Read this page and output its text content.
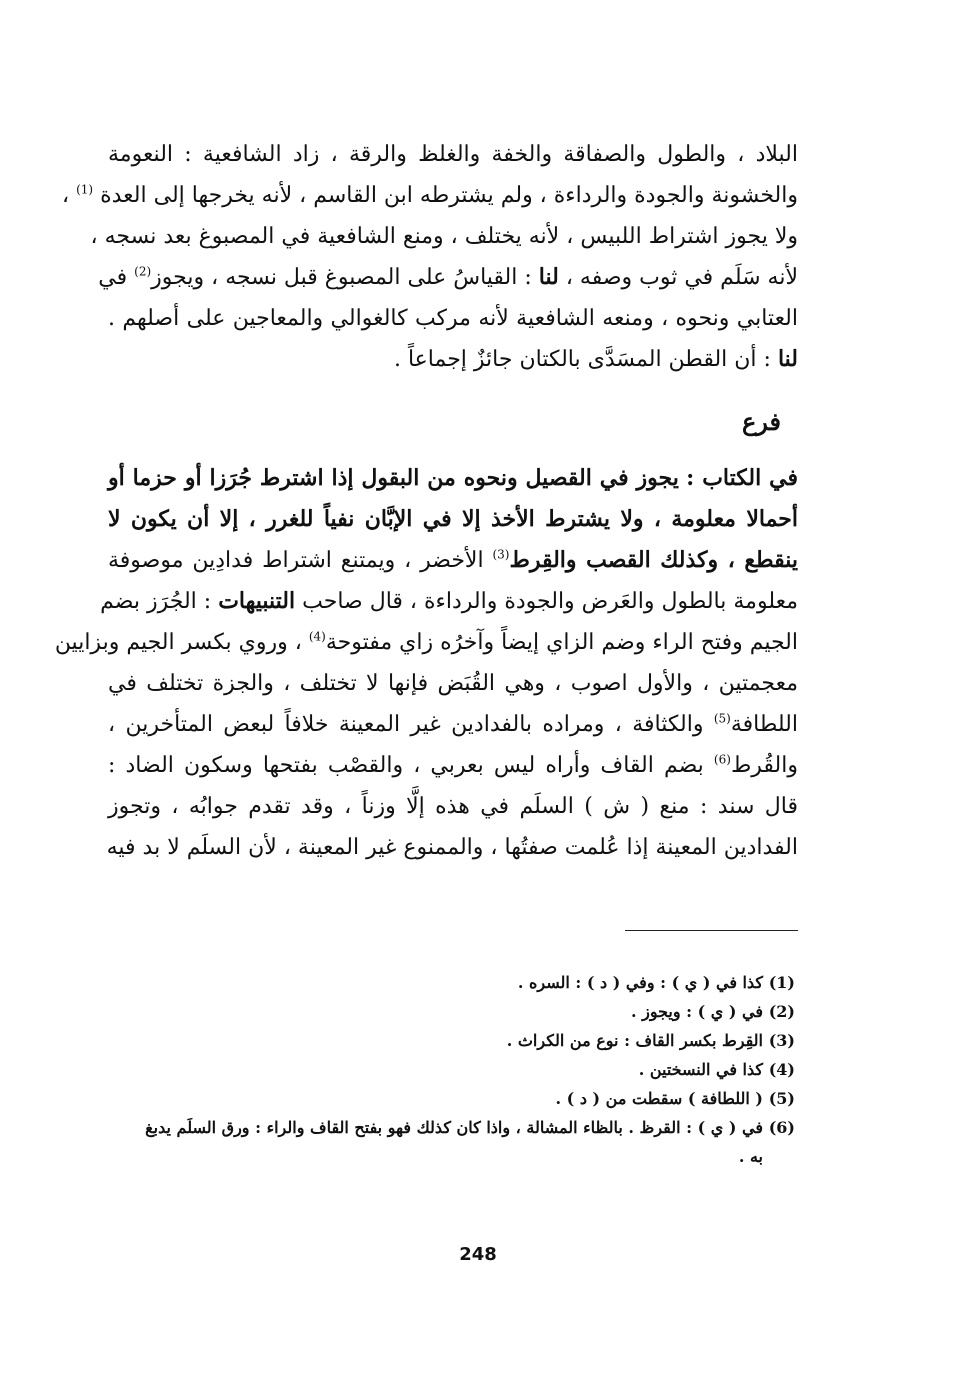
البلاد ، والطول والصفاقة والخفة والغلظ والرقة ، زاد الشافعية : النعومة
والخشونة والجودة والرداءة ، ولم يشترطه ابن القاسم ، لأنه يخرجها إلى العدة $^{(1)}$ ،
ولا يجوز اشتراط اللبيس ، لأنه يختلف ، ومنع الشافعية في المصبوغ بعد نسجه ،
لأنه سَلَم في ثوب وصفه ، لنا : القياسُ على المصبوغ قبل نسجه ، ويجوز$^{(2)}$ في
العتابي ونحوه ، ومنعه الشافعية لأنه مركب كالغوالي والمعاجين على أصلهم .
لنا : أن القطن المسَدَّى بالكتان جائزٌ إجماعاً .
فرع
في الكتاب : يجوز في القصيل ونحوه من البقول إذا اشترط جُرَزا أو حزما أو
أحمالا معلومة ، ولا يشترط الأخذ إلا في الإبَّان نفياً للغرر ، إلا أن يكون لا
ينقطع ، وكذلك القصب والقِرط$^{(3)}$ الأخضر ، ويمتنع اشتراط فدادِين موصوفة
معلومة بالطول والعَرض والجودة والرداءة ، قال صاحب التنبيهات : الجُرَز بضم
الجيم وفتح الراء وضم الزاي إيضاً وآخرُه زاي مفتوحة$^{(4)}$ ، وروي بكسر الجيم وبزايين
معجمتين ، والأول اصوب ، وهي القُبَض فإنها لا تختلف ، والجزة تختلف في
اللطافة$^{(5)}$ والكثافة ، ومراده بالفدادين غير المعينة خلافاً لبعض المتأخرين ،
والقُرط$^{(6)}$ بضم القاف وأراه ليس بعربي ، والقصْب بفتحها وسكون الضاد :
قال سند : منع ( ش ) السلَم في هذه إلَّا وزناً ، وقد تقدم جوابُه ، وتجوز
الفدادين المعينة إذا عُلمت صفتُها ، والممنوع غير المعينة ، لأن السلَم لا بد فيه
(1)
كذا في ( ي ) : وفي ( د ) : السره .
(2)
في ( ي ) : ويجوز .
(3)
القِرط بكسر القاف : نوع من الكراث .
(4)
كذا في النسختين .
(5)
( اللطافة ) سقطت من ( د ) .
(6)
في ( ي ) : القرظ . بالظاء المشالة ، واذا كان كذلك فهو بفتح القاف والراء : ورق السلَم يدبغ به .
248
